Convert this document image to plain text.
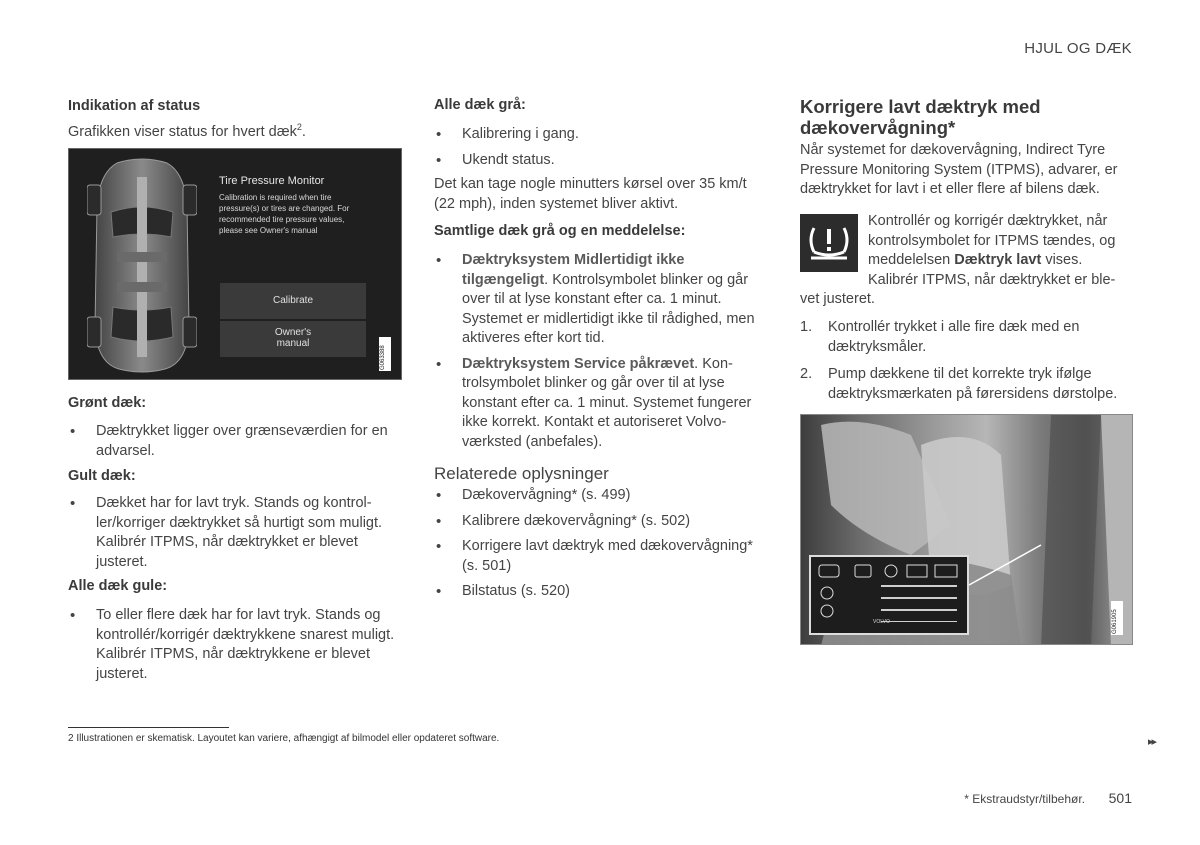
HJUL OG DÆK
Indikation af status
Grafikken viser status for hvert dæk$^2$.
Tire Pressure Monitor
Calibration is required when tire pressure(s) or tires are changed. For recommended tire pressure values, please see Owner's manual
Calibrate
Owner's
manual
G063388
Grønt dæk:
• Dæktrykket ligger over grænseværdien for en advarsel.
Gult dæk:
• Dækket har for lavt tryk. Stands og kontrol-ler/korriger dæktrykket så hurtigt som muligt. Kalibrér ITPMS, når dæktrykket er blevet justeret.
Alle dæk gule:
• To eller flere dæk har for lavt tryk. Stands og kontrollér/korrigér dæktrykkene snarest muligt. Kalibrér ITPMS, når dæktrykkene er blevet justeret.
Alle dæk grå:
• Kalibrering i gang.
• Ukendt status.
Det kan tage nogle minutters kørsel over 35 km/t (22 mph), inden systemet bliver aktivt.
Samtlige dæk grå og en meddelelse:
• Dæktryksystem Midlertidigt ikke tilgængeligt. Kontrolsymbolet blinker og går over til at lyse konstant efter ca. 1 minut. Systemet er midlertidigt ikke til rådighed, men aktiveres efter kort tid.
• Dæktryksystem Service påkrævet. Kon-trolsymbolet blinker og går over til at lyse konstant efter ca. 1 minut. Systemet fungerer ikke korrekt. Kontakt et autoriseret Volvo-værksted (anbefales).
Relaterede oplysninger
• Dækovervågning* (s. 499)
• Kalibrere dækovervågning* (s. 502)
• Korrigere lavt dæktryk med dækovervågning* (s. 501)
• Bilstatus (s. 520)
Korrigere lavt dæktryk med dækovervågning*
Når systemet for dækovervågning, Indirect Tyre Pressure Monitoring System (ITPMS), advarer, er dæktrykket for lavt i et eller flere af bilens dæk.
Kontrollér og korrigér dæktrykket, når kontrolsymbolet for ITPMS tændes, og meddelelsen Dæktryk lavt vises. Kalibrér ITPMS, når dæktrykket er ble-
vet justeret.
1. Kontrollér trykket i alle fire dæk med en dæktryksmåler.
2. Pump dækkene til det korrekte tryk ifølge dæktryksmærkaten på førersidens dørstolpe.
VOLVO	G061905
2 Illustrationen er skematisk. Layoutet kan variere, afhængigt af bilmodel eller opdateret software.	▸▸
* Ekstraudstyr/tilbehør. 501
